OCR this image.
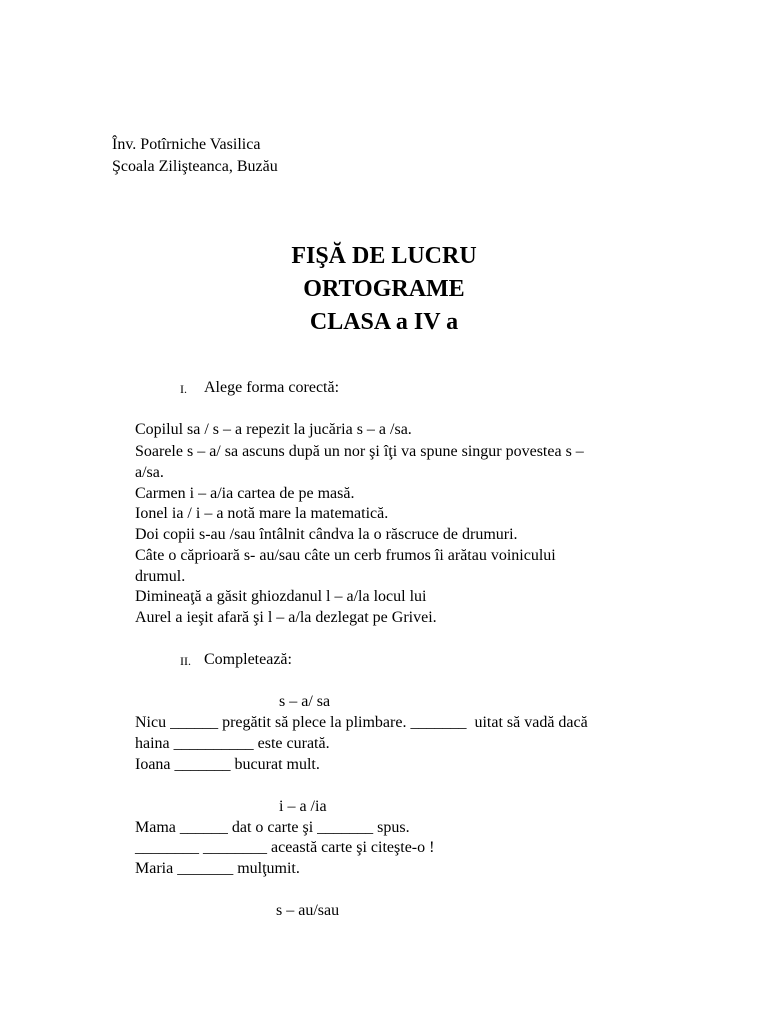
Înv. Potîrniche Vasilica
Şcoala Zilişteanca, Buzău
FIŞĂ DE LUCRU
ORTOGRAME
CLASA a IV a
I. Alege forma corectă:
Copilul sa / s – a repezit la jucăria s – a /sa.
Soarele s – a/ sa ascuns după un nor şi îţi va spune singur povestea s –
a/sa.
Carmen i – a/ia cartea de pe masă.
Ionel ia / i – a notă mare la matematică.
Doi copii s-au /sau întâlnit cândva la o răscruce de drumuri.
Câte o căprioară s- au/sau câte un cerb frumos îi arătau voinicului
drumul.
Dimineaţă a găsit ghiozdanul l – a/la locul lui
Aurel a ieşit afară şi l – a/la dezlegat pe Grivei.
II. Completează:
s – a/ sa
Nicu ______ pregătit să plece la plimbare. _______  uitat să vadă dacă
haina __________ este curată.
Ioana _______ bucurat mult.
i – a /ia
Mama ______ dat o carte şi _______ spus.
________ ________ această carte şi citeşte-o !
Maria _______ mulţumit.
s – au/sau
